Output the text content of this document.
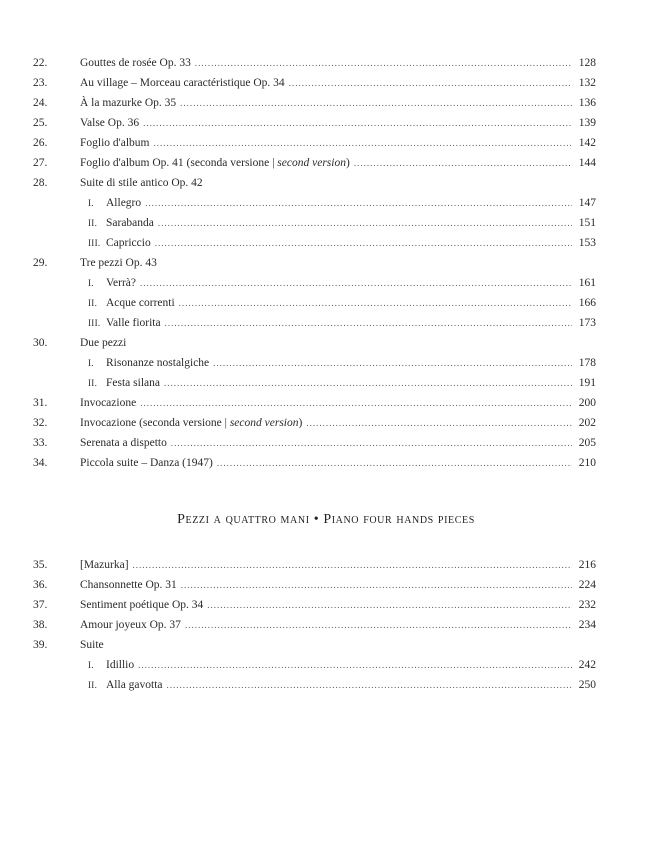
22.	Gouttes de rosée Op. 33 .....	128
23.	Au village – Morceau caractéristique Op. 34 .....	132
24.	À la mazurke Op. 35 .....	136
25.	Valse Op. 36 .....	139
26.	Foglio d'album .....	142
27.	Foglio d'album Op. 41 (seconda versione | second version) .....	144
28.	Suite di stile antico Op. 42
I.	Allegro .....	147
II. Sarabanda .....	151
III. Capriccio .....	153
29.	Tre pezzi Op. 43
I.	Verrà? .....	161
II. Acque correnti .....	166
III. Valle fiorita .....	173
30.	Due pezzi
I.	Risonanze nostalgiche .....	178
II. Festa silana .....	191
31.	Invocazione .....	200
32.	Invocazione (seconda versione | second version) .....	202
33.	Serenata a dispetto .....	205
34.	Piccola suite – Danza (1947) .....	210
Pezzi a quattro mani • Piano four hands pieces
35.	[Mazurka] .....	216
36.	Chansonnette Op. 31 .....	224
37.	Sentiment poétique Op. 34 .....	232
38.	Amour joyeux Op. 37 .....	234
39.	Suite
I.	Idillio .....	242
II. Alla gavotta .....	250
